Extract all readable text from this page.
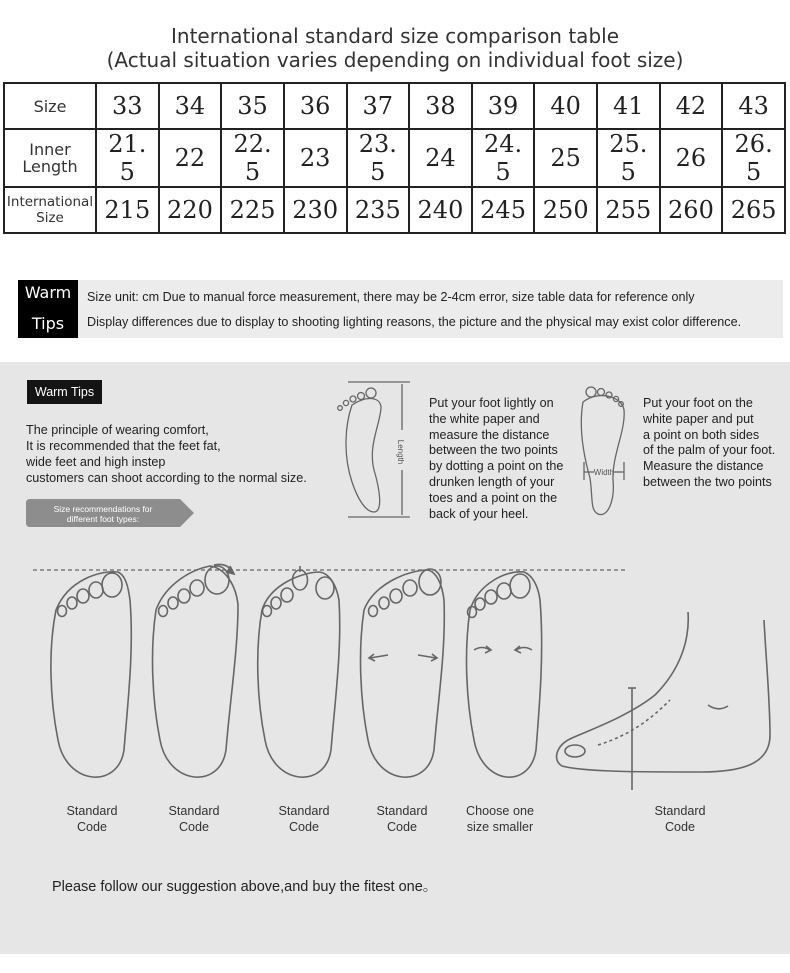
International standard size comparison table
(Actual situation varies depending on individual foot size)
Size	33	34	35	36	37	38	39	40	41	42	43

Inner
Length	21. 5	22	22. 5	23	23. 5	24	24. 5	25	25. 5	26	26. 5

International
Size	215	220	225	230	235	240	245	250	255	260	265
Warm
Tips
Size unit: cm Due to manual force measurement, there may be 2-4cm error, size table data for reference only
Display differences due to display to shooting lighting reasons, the picture and the physical may exist color difference.
Warm Tips
The principle of wearing comfort,
It is recommended that the feet fat,
wide feet and high instep
customers can shoot according to the normal size.
Length
Width
Size recommendations for
different foot types:
Put your foot lightly on
the white paper and
measure the distance
between the two points
by dotting a point on the
drunken length of your
toes and a point on the
back of your heel.
Put your foot on the
white paper and put
a point on both sides
of the palm of your foot.
Measure the distance
between the two points
Standard
Code
Standard
Code
Standard
Code
Standard
Code
Choose one
size smaller
Standard
Code
Please follow our suggestion above,and buy the fitest one。
